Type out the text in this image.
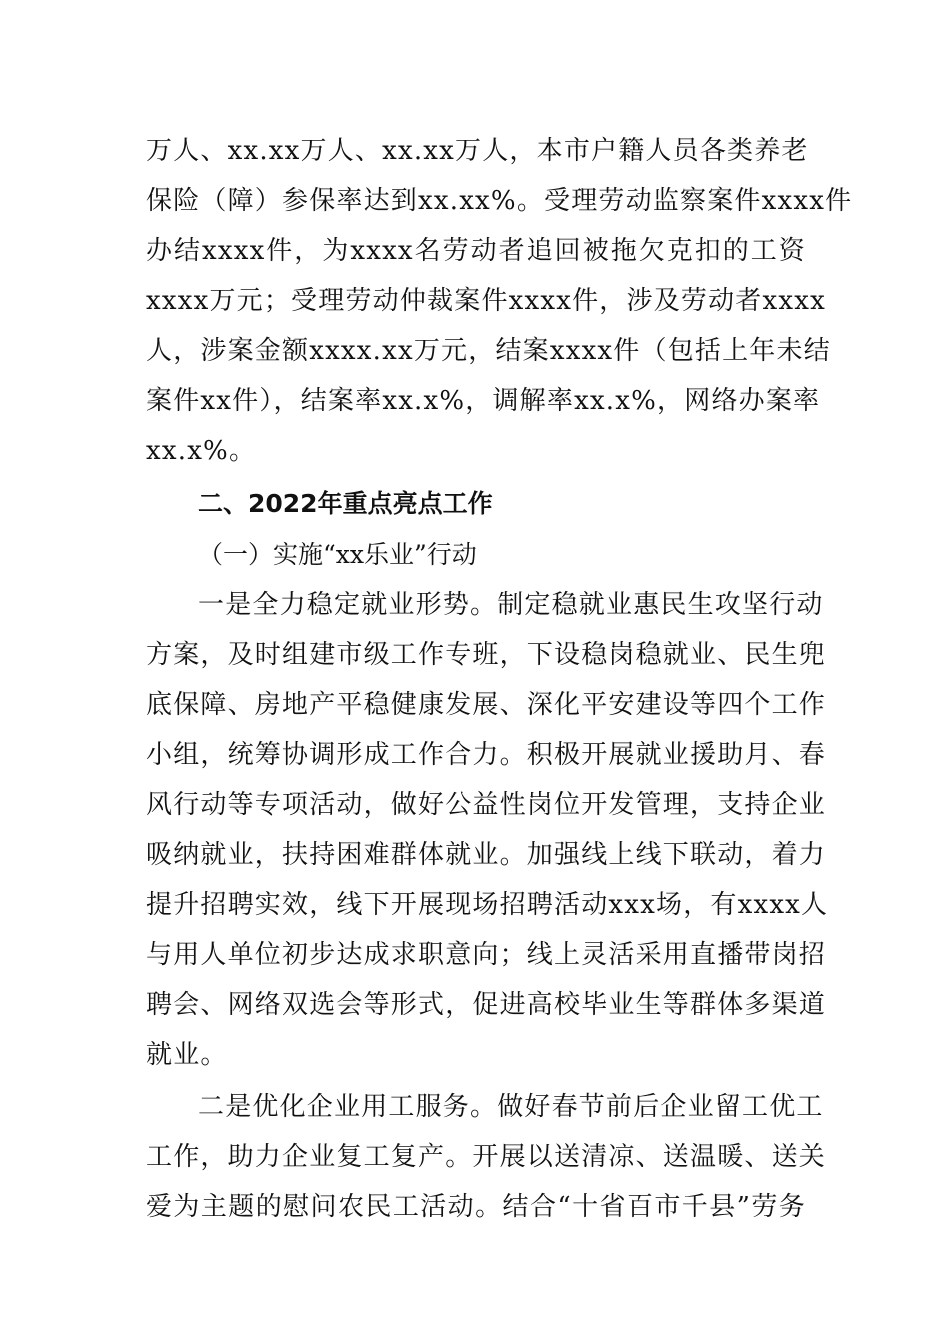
万人、xx.xx万人、xx.xx万人，本市户籍人员各类养老
保险（障）参保率达到xx.xx%。受理劳动监察案件xxxx件
办结xxxx件，为xxxx名劳动者追回被拖欠克扣的工资
xxxx万元；受理劳动仲裁案件xxxx件，涉及劳动者xxxx
人，涉案金额xxxx.xx万元，结案xxxx件（包括上年未结
案件xx件），结案率xx.x%，调解率xx.x%，网络办案率
xx.x%。
二、2022年重点亮点工作
（一）实施“xx乐业”行动
一是全力稳定就业形势。制定稳就业惠民生攻坚行动
方案，及时组建市级工作专班，下设稳岗稳就业、民生兜
底保障、房地产平稳健康发展、深化平安建设等四个工作
小组，统筹协调形成工作合力。积极开展就业援助月、春
风行动等专项活动，做好公益性岗位开发管理，支持企业
吸纳就业，扶持困难群体就业。加强线上线下联动，着力
提升招聘实效，线下开展现场招聘活动xxx场，有xxxx人
与用人单位初步达成求职意向；线上灵活采用直播带岗招
聘会、网络双选会等形式，促进高校毕业生等群体多渠道
就业。
二是优化企业用工服务。做好春节前后企业留工优工
工作，助力企业复工复产。开展以送清凉、送温暖、送关
爱为主题的慰问农民工活动。结合“十省百市千县”劳务
